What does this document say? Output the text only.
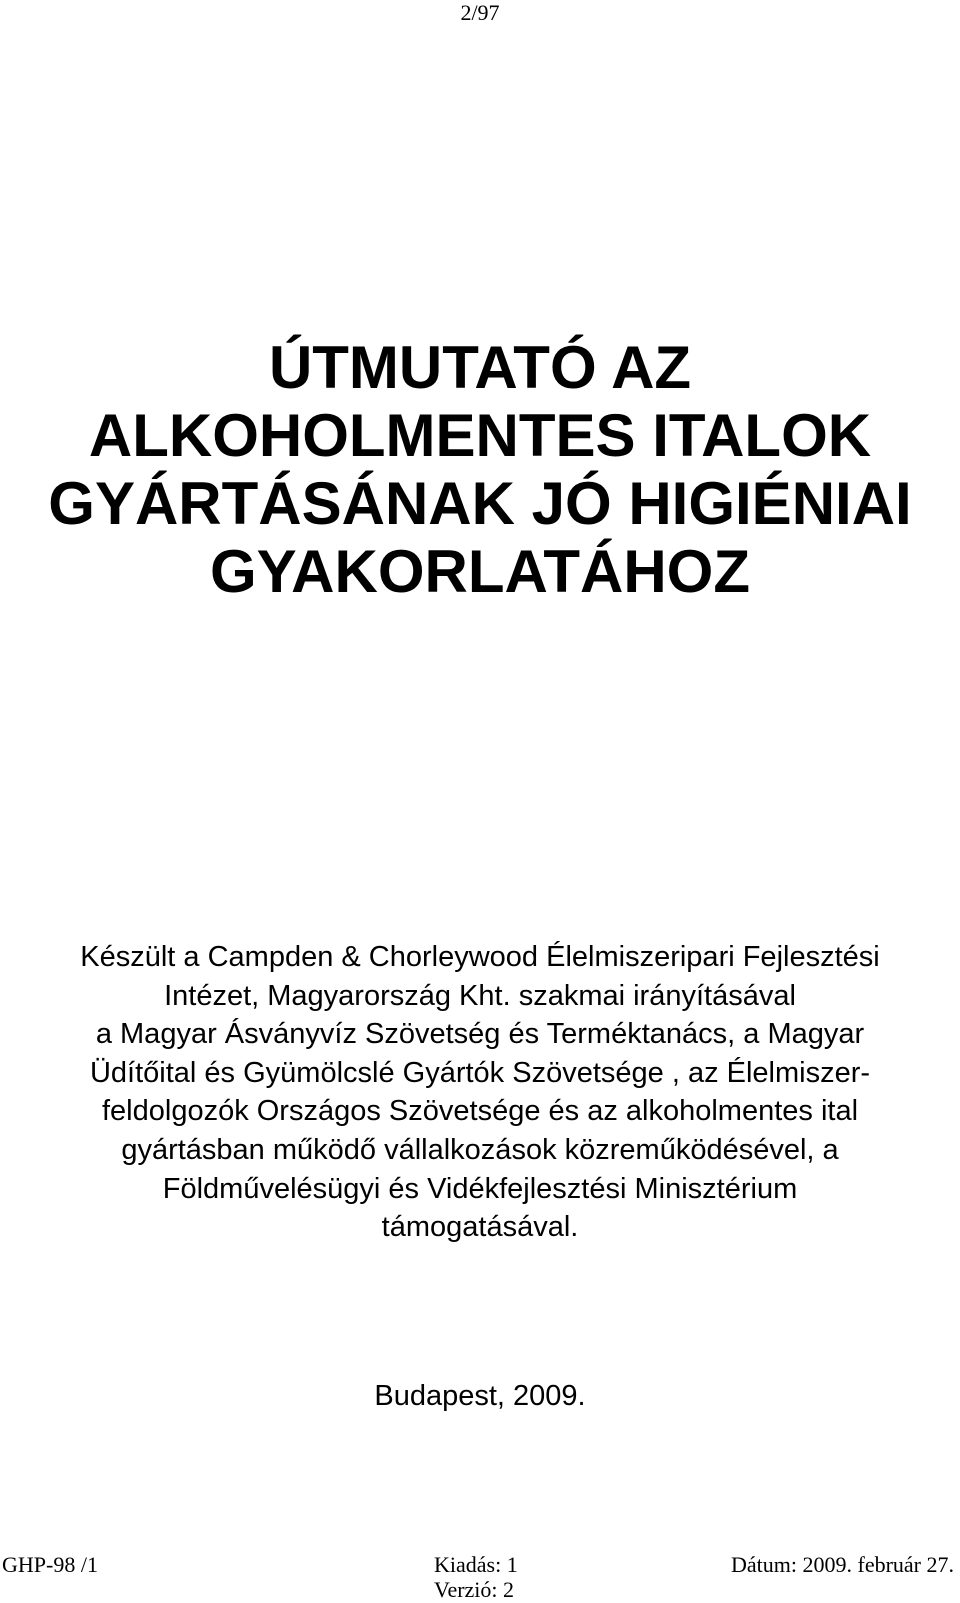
2/97
ÚTMUTATÓ AZ
ALKOHOLMENTES ITALOK
GYÁRTÁSÁNAK JÓ HIGIÉNIAI
GYAKORLATÁHOZ
Készült a Campden & Chorleywood Élelmiszeripari Fejlesztési
Intézet, Magyarország Kht. szakmai irányításával
a Magyar Ásványvíz Szövetség és Terméktanács, a Magyar
Üdítőital és Gyümölcslé Gyártók Szövetsége , az Élelmiszer-
feldolgozók Országos Szövetsége és az alkoholmentes ital
gyártásban működő vállalkozások közreműködésével, a
Földművelésügyi és Vidékfejlesztési Minisztérium
támogatásával.
Budapest, 2009.
GHP-98 /1	Kiadás: 1	Dátum: 2009. február 27.
Verzió: 2
